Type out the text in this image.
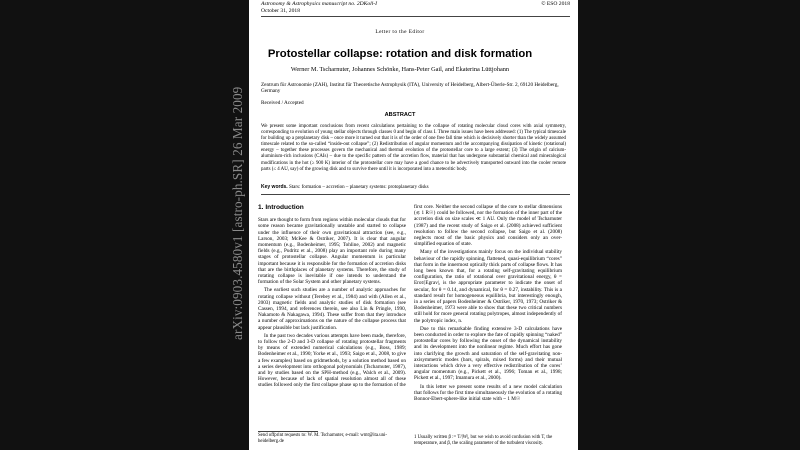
arXiv:0903.4580v1 [astro-ph.SR] 26 Mar 2009
Astronomy & Astrophysics manuscript no. 2DKoll-I
October 31, 2018
© ESO 2018
Letter to the Editor
Protostellar collapse: rotation and disk formation
Werner M. Tscharnuter, Johannes Schönke, Hans-Peter Gail, and Ekaterina Lüttjohann
Zentrum für Astronomie (ZAH), Institut für Theoretische Astrophysik (ITA), University of Heidelberg, Albert-Überle-Str. 2, 69120 Heidelberg, Germany
Received / Accepted
ABSTRACT
We present some important conclusions from recent calculations pertaining to the collapse of rotating molecular cloud cores with axial symmetry, corresponding to evolution of young stellar objects through classes 0 and begin of class I. Three main issues have been addressed: (1) The typical timescale for building up a preplanetary disk – once more it turned out that it is of the order of one free fall time which is decisively shorter than the widely assumed timescale related to the so-called “inside-out collapse”; (2) Redistribution of angular momentum and the accompanying dissipation of kinetic (rotational) energy – together these processes govern the mechanical and thermal evolution of the protostellar core to a large extent; (3) The origin of calcium-aluminium-rich inclusions (CAIs) – due to the specific pattern of the accretion flow, material that has undergone substantial chemical and mineralogical modifications in the hot (≥ 900 K) interior of the protostellar core may have a good chance to be advectively transported outward into the cooler remote parts (≤ 4 AU, say) of the growing disk and to survive there until it is incorporated into a meteoritic body.
Key words. Stars: formation – accretion – planetary systems: protoplanetary disks
1. Introduction

Stars are thought to form from regions within molecular clouds that for some reason became gravitationally unstable and started to collapse under the influence of their own gravitational attraction (see, e.g., Larson, 2003; McKee & Ostriker, 2007). It is clear that angular momentum (e.g., Bodenheimer, 1995; Tohline, 2002) and magnetic fields (e.g., Pudritz et al., 2008) play an important role during many stages of protostellar collapse. Angular momentum is particular important because it is responsible for the formation of accretion disks that are the birthplaces of planetary systems. Therefore, the study of rotating collapse is inevitable if one intends to understand the formation of the Solar System and other planetary systems.

The earliest such studies are a number of analytic approaches for rotating collapse without (Terebey et al., 1984) and with (Allen et al., 2003) magnetic fields and analytic studies of disk formation (see Cassen, 1994, and references therein, see also Lin & Pringle, 1990, Nakamoto & Nakagawa, 1994). These suffer from that they introduce a number of approximations on the nature of the collapse process that appear plausible but lack justification.

In the past two decades various attempts have been made, therefore, to follow the 2-D and 3-D collapse of rotating protostellar fragments by means of extended numerical calculations (e.g., Boss, 1989; Bodenheimer et al., 1990; Yorke et al., 1993; Saigo et al., 2008, to give a few examples) based on gridmethods, by a solution method based on a series development into orthogonal polynomials (Tscharnuter, 1987), and by studies based on the SPH-method (e.g., Walch et al., 2009). However, because of lack of spatial resolution almost all of these studies followed only the first collapse phase up to the formation of the

first core. Neither the second collapse of the core to stellar dimensions (≲ 1 R☉) could be followed, nor the formation of the inner part of the accretion disk on size scales ≪ 1 AU. Only the model of Tscharnuter (1987) and the recent study of Saigo et al. (2008) achieved sufficient resolution to follow the second collapse, but Saigo et al. (2008) neglects most of the basic physics and considers only an over-simplified equation of state.

Many of the investigations mainly focus on the individual stability behaviour of the rapidly spinning, flattened, quasi-equilibrium “cores” that form in the innermost optically thick parts of collapse flows. It has long been known that, for a rotating self-gravitating equilibrium configuration, the ratio of rotational over gravitational energy, θ = Erot/|Egrav|, is the appropriate parameter to indicate the onset of secular, for θ = 0.14, and dynamical, for θ = 0.27, instability. This is a standard result for homogeneous equilibria, but interestingly enough, in a series of papers Bodenheimer & Ostriker, 1970, 1973; Ostriker & Bodenheimer, 1973 were able to show that these two critical numbers still hold for more general rotating polytropes, almost independently of the polytropic index, n.

Due to this remarkable finding extensive 3-D calculations have been conducted in order to explore the fate of rapidly spinning “naked” protostellar cores by following the onset of the dynamical instability and its development into the nonlinear regime. Much effort has gone into clarifying the growth and saturation of the self-gravitating non-axisymmetric modes (bars, spirals, mixed forms) and their mutual interactions which drive a very effective redistribution of the cores’ angular momentum (e.g., Pickett et al., 1996; Toman et al., 1998; Pickett et al., 1997; Imamura et al., 2000).

In this letter we present some results of a new model calculation that follows for the first time simultaneously the evolution of a rotating Bonnor-Ebert-sphere-like initial state with ~ 1 M☉

Send offprint requests to: W. M. Tscharnuter, e-mail: wmt@ita.uni-heidelberg.de
1 Usually written β := T/|W|, but we wish to avoid confusion with T, the temperature, and β, the scaling parameter of the turbulent viscosity.
